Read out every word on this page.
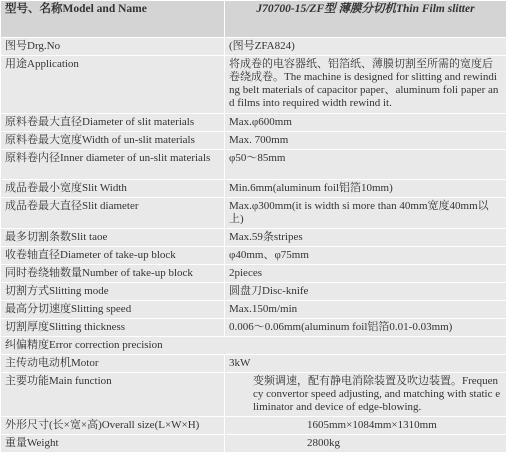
型号、名称Model and Name	J70700-15/ZF型 薄膜分切机Thin Film slitter
图号Drg.No	(图号ZFA824)
用途Application	将成卷的电容器纸、铝箔纸、薄膜切割至所需的宽度后卷绕成卷。The machine is designed for slitting and rewinding belt materials of capacitor paper、aluminum foli paper and films into required width rewind it.
原料卷最大直径Diameter of slit materials	Max.φ600mm
原料卷最大宽度Width of un-slit materials	Max. 700mm
原料卷内径Inner diameter of un-slit materials	φ50～85mm
成品卷最小宽度Slit Width	Min.6mm(aluminum foil铝箔10mm)
成品卷最大直径Slit diameter	Max.φ300mm(it is width si more than 40mm宽度40mm以上)
最多切割条数Slit taoe	Max.59条stripes
收卷轴直径Diameter of take-up block	φ40mm、φ75mm
同时卷绕轴数量Number of take-up block	2pieces
切割方式Slitting mode	圆盘刀Disc-knife
最高分切速度Slitting speed	Max.150m/min
切割厚度Slitting thickness	0.006～0.06mm(aluminum foil铝箔0.01-0.03mm)
纠偏精度Error correction precision	
主传动电动机Motor	3kW
主要功能Main function	变频调速，配有静电消除装置及吹边装置。Frequency convertor speed adjusting, and matching with static eliminator and device of edge-blowing.
外形尺寸(长×宽×高)Overall size(L×W×H)	1605mm×1084mm×1310mm
重量Weight	2800kg
